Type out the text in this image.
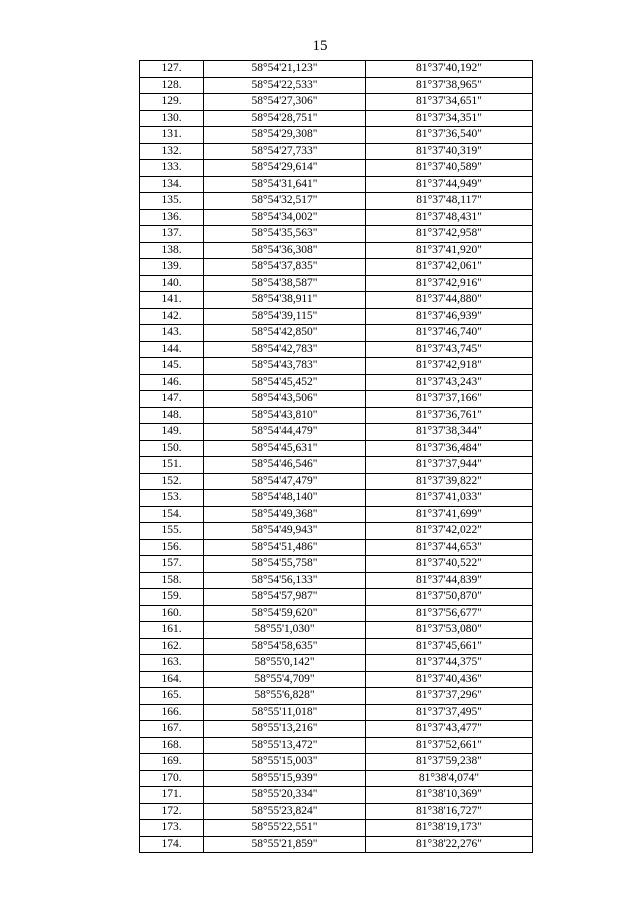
15
127.	58°54'21,123"	81°37'40,192"
128.	58°54'22,533"	81°37'38,965"
129.	58°54'27,306"	81°37'34,651"
130.	58°54'28,751"	81°37'34,351"
131.	58°54'29,308"	81°37'36,540"
132.	58°54'27,733"	81°37'40,319"
133.	58°54'29,614"	81°37'40,589"
134.	58°54'31,641"	81°37'44,949"
135.	58°54'32,517"	81°37'48,117"
136.	58°54'34,002"	81°37'48,431"
137.	58°54'35,563"	81°37'42,958"
138.	58°54'36,308"	81°37'41,920"
139.	58°54'37,835"	81°37'42,061"
140.	58°54'38,587"	81°37'42,916"
141.	58°54'38,911"	81°37'44,880"
142.	58°54'39,115"	81°37'46,939"
143.	58°54'42,850"	81°37'46,740"
144.	58°54'42,783"	81°37'43,745"
145.	58°54'43,783"	81°37'42,918"
146.	58°54'45,452"	81°37'43,243"
147.	58°54'43,506"	81°37'37,166"
148.	58°54'43,810"	81°37'36,761"
149.	58°54'44,479"	81°37'38,344"
150.	58°54'45,631"	81°37'36,484"
151.	58°54'46,546"	81°37'37,944"
152.	58°54'47,479"	81°37'39,822"
153.	58°54'48,140"	81°37'41,033"
154.	58°54'49,368"	81°37'41,699"
155.	58°54'49,943"	81°37'42,022"
156.	58°54'51,486"	81°37'44,653"
157.	58°54'55,758"	81°37'40,522"
158.	58°54'56,133"	81°37'44,839"
159.	58°54'57,987"	81°37'50,870"
160.	58°54'59,620"	81°37'56,677"
161.	58°55'1,030"	81°37'53,080"
162.	58°54'58,635"	81°37'45,661"
163.	58°55'0,142"	81°37'44,375"
164.	58°55'4,709"	81°37'40,436"
165.	58°55'6,828"	81°37'37,296"
166.	58°55'11,018"	81°37'37,495"
167.	58°55'13,216"	81°37'43,477"
168.	58°55'13,472"	81°37'52,661"
169.	58°55'15,003"	81°37'59,238"
170.	58°55'15,939"	81°38'4,074"
171.	58°55'20,334"	81°38'10,369"
172.	58°55'23,824"	81°38'16,727"
173.	58°55'22,551"	81°38'19,173"
174.	58°55'21,859"	81°38'22,276"
